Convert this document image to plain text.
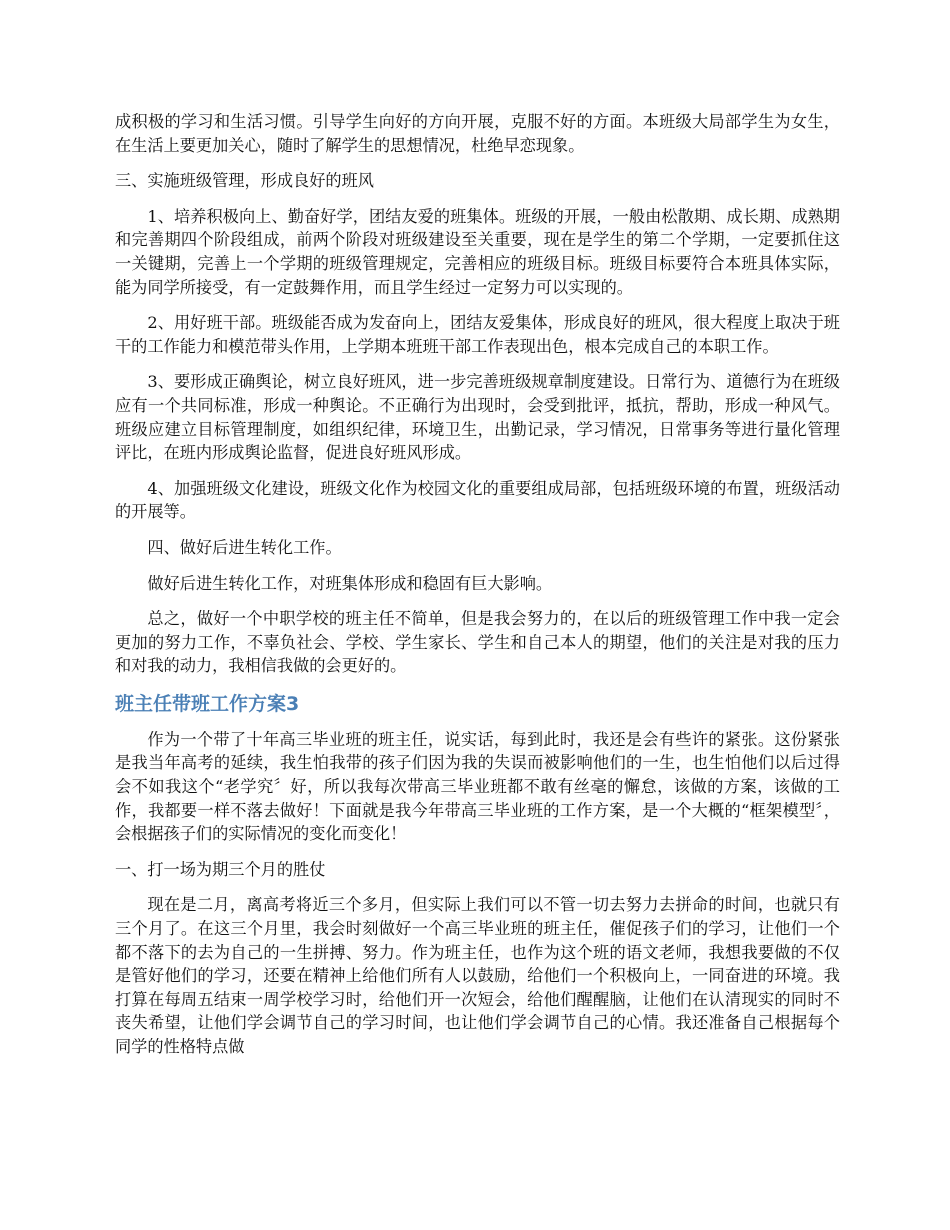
成积极的学习和生活习惯。引导学生向好的方向开展，克服不好的方面。本班级大局部学生为女生，在生活上要更加关心，随时了解学生的思想情况，杜绝早恋现象。

三、实施班级管理，形成良好的班风

1、培养积极向上、勤奋好学，团结友爱的班集体。班级的开展，一般由松散期、成长期、成熟期和完善期四个阶段组成，前两个阶段对班级建设至关重要，现在是学生的第二个学期，一定要抓住这一关键期，完善上一个学期的班级管理规定，完善相应的班级目标。班级目标要符合本班具体实际，能为同学所接受，有一定鼓舞作用，而且学生经过一定努力可以实现的。

2、用好班干部。班级能否成为发奋向上，团结友爱集体，形成良好的班风，很大程度上取决于班干的工作能力和模范带头作用，上学期本班班干部工作表现出色，根本完成自己的本职工作。

3、要形成正确舆论，树立良好班风，进一步完善班级规章制度建设。日常行为、道德行为在班级应有一个共同标准，形成一种舆论。不正确行为出现时，会受到批评，抵抗，帮助，形成一种风气。班级应建立目标管理制度，如组织纪律，环境卫生，出勤记录，学习情况，日常事务等进行量化管理评比，在班内形成舆论监督，促进良好班风形成。

4、加强班级文化建设，班级文化作为校园文化的重要组成局部，包括班级环境的布置，班级活动的开展等。

四、做好后进生转化工作。

做好后进生转化工作，对班集体形成和稳固有巨大影响。

总之，做好一个中职学校的班主任不简单，但是我会努力的，在以后的班级管理工作中我一定会更加的努力工作，不辜负社会、学校、学生家长、学生和自己本人的期望，他们的关注是对我的压力和对我的动力，我相信我做的会更好的。

班主任带班工作方案3

作为一个带了十年高三毕业班的班主任，说实话，每到此时，我还是会有些许的紧张。这份紧张是我当年高考的延续，我生怕我带的孩子们因为我的失误而被影响他们的一生，也生怕他们以后过得会不如我这个“老学究〞好，所以我每次带高三毕业班都不敢有丝毫的懈怠，该做的方案，该做的工作，我都要一样不落去做好！下面就是我今年带高三毕业班的工作方案，是一个大概的“框架模型〞，会根据孩子们的实际情况的变化而变化！

一、打一场为期三个月的胜仗

现在是二月，离高考将近三个多月，但实际上我们可以不管一切去努力去拼命的时间，也就只有三个月了。在这三个月里，我会时刻做好一个高三毕业班的班主任，催促孩子们的学习，让他们一个都不落下的去为自己的一生拼搏、努力。作为班主任，也作为这个班的语文老师，我想我要做的不仅是管好他们的学习，还要在精神上给他们所有人以鼓励，给他们一个积极向上，一同奋进的环境。我打算在每周五结束一周学校学习时，给他们开一次短会，给他们醒醒脑，让他们在认清现实的同时不丧失希望，让他们学会调节自己的学习时间，也让他们学会调节自己的心情。我还准备自己根据每个同学的性格特点做
